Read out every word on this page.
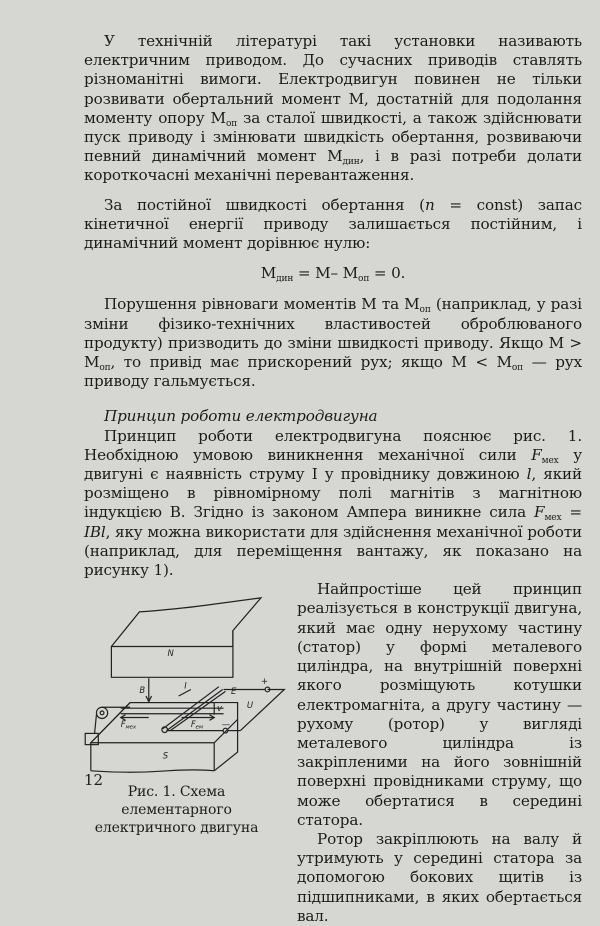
У технічній літературі такі установки називають електричним приводом. До сучасних приводів ставлять різноманітні вимоги. Електродвигун повинен не тільки розвивати обертальний момент М, достатній для подолання моменту опору $М_{оп}$ за сталої швидкості, а також здійснювати пуск приводу і змінювати швидкість обертання, розвиваючи певний динамічний момент $М_{дин}$, і в разі потреби долати короткочасні механічні перевантаження.

За постійної швидкості обертання (n = const) запас кінетичної енергії приводу залишається постійним, і динамічний момент дорівнює нулю:

$М_{дин} = М-$ $М_{оп} = 0$.

Порушення рівноваги моментів М та $М_{оп}$ (наприклад, у разі зміни фізико-технічних властивостей оброблюваного продукту) призводить до зміни швидкості приводу. Якщо $М > М_{оп}$, то привід має прискорений рух; якщо $М < М_{оп}$ — рух приводу гальмується.

Принцип роботи електродвигуна

Принцип роботи електродвигуна пояснює рис. 1. Необхідною умовою виникнення механічної сили $F_{мех}$ у двигуні є наявність струму І у провіднику довжиною l, який розміщено в рівномірному полі магнітів з магнітною індукцією В. Згідно із законом Ампера виникне сила $F_{мех}$ = IBl, яку можна використати для здійснення механічної роботи (наприклад, для переміщення вантажу, як показано на рисунку 1).

N
S
B	I
E
U
v
+
—
$F_{мех}$	$F_{ем}$
Рис. 1. Схема елементарного
електричного двигуна

Найпростіше цей принцип реалізується в конструкції двигуна, який має одну нерухому частину (статор) у формі металевого циліндра, на внутрішній поверхні якого розміщують котушки електромагніта, а другу частину — рухому (ротор) у вигляді металевого циліндра із закріпленими на його зовнішній поверхні провідниками струму, що може обертатися в середині статора.

Ротор закріплюють на валу й утримують у середині статора за допомогою бокових щитів із підшипниками, в яких обертається вал.

12
